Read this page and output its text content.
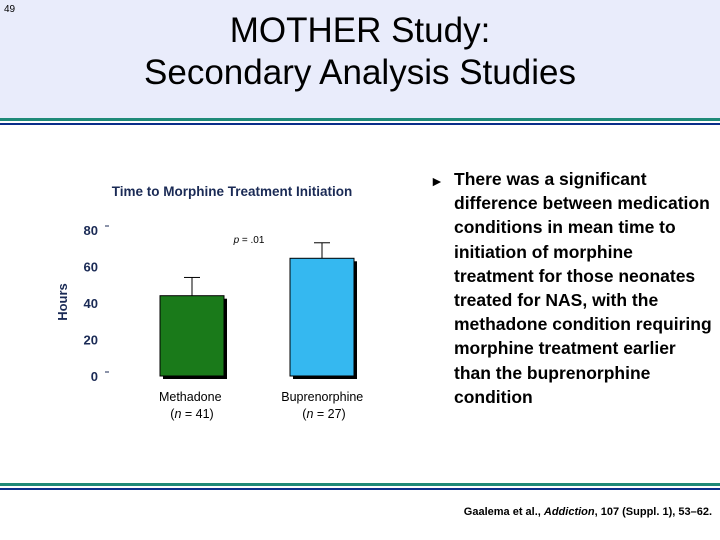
49
MOTHER Study:
Secondary Analysis Studies
Time to Morphine Treatment Initiation
Hours
0
20
40
60
80
p = .01
Methadone (n = 41)
Buprenorphine (n = 27)
► There was a significant difference between medication conditions in mean time to initiation of morphine treatment for those neonates treated for NAS, with the methadone condition requiring morphine treatment earlier than the buprenorphine condition
Gaalema et al., Addiction, 107 (Suppl. 1), 53–62.
